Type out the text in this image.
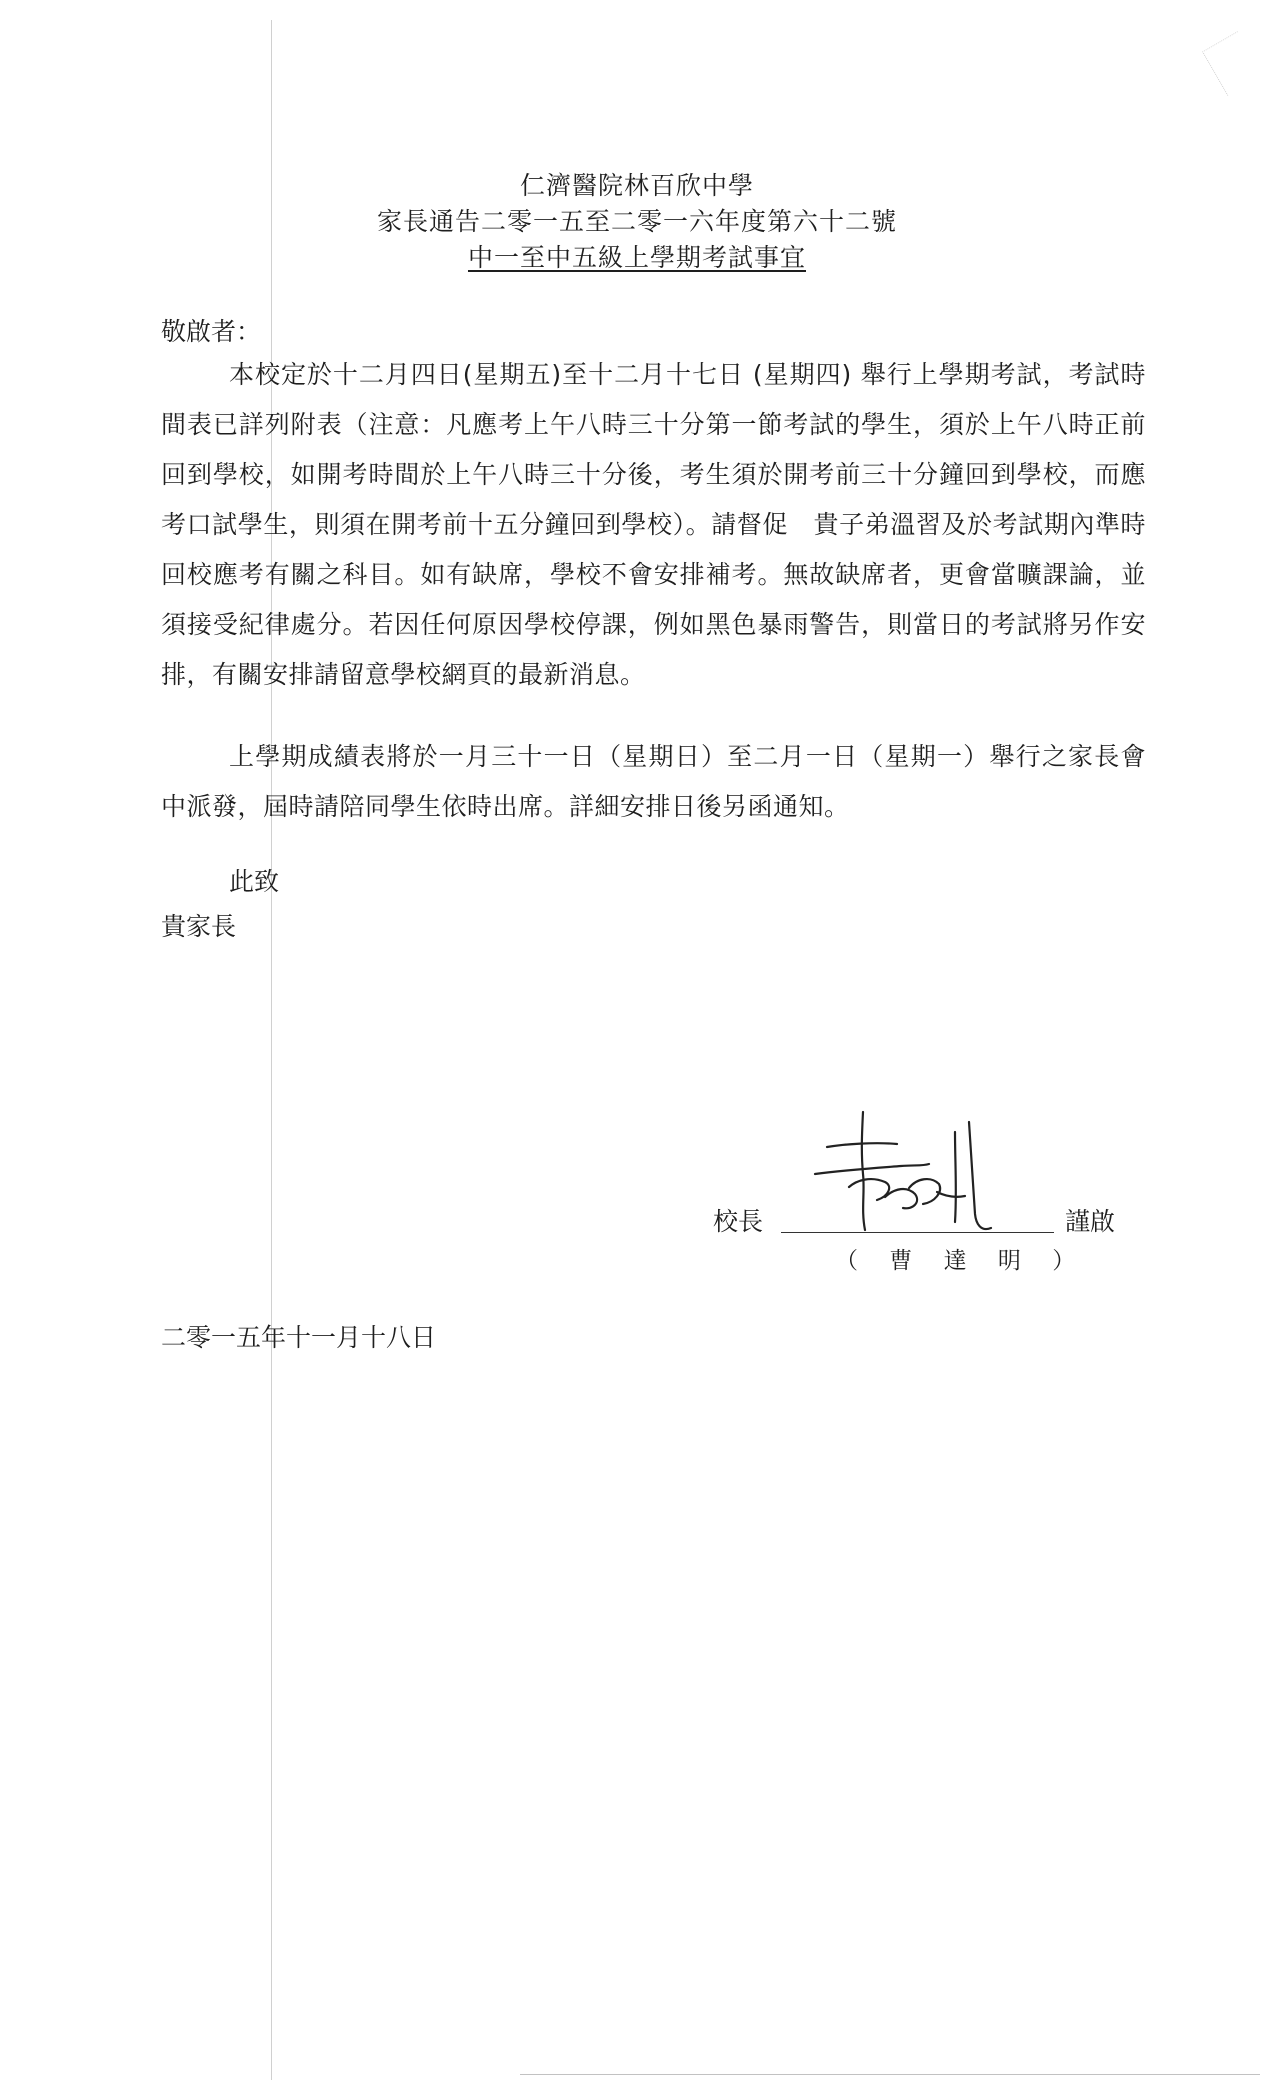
仁濟醫院林百欣中學
家長通告二零一五至二零一六年度第六十二號
中一至中五級上學期考試事宜
敬啟者：

本校定於十二月四日(星期五)至十二月十七日 (星期四) 舉行上學期考試，考試時間表已詳列附表（注意：凡應考上午八時三十分第一節考試的學生，須於上午八時正前回到學校，如開考時間於上午八時三十分後，考生須於開考前三十分鐘回到學校，而應考口試學生，則須在開考前十五分鐘回到學校）。請督促　貴子弟溫習及於考試期內準時回校應考有關之科目。如有缺席，學校不會安排補考。無故缺席者，更會當曠課論，並須接受紀律處分。若因任何原因學校停課，例如黑色暴雨警告，則當日的考試將另作安排，有關安排請留意學校網頁的最新消息。

上學期成績表將於一月三十一日（星期日）至二月一日（星期一）舉行之家長會中派發，屆時請陪同學生依時出席。詳細安排日後另函通知。

此致
貴家長
校長	謹啟
（ 曹 達 明 ）
二零一五年十一月十八日
